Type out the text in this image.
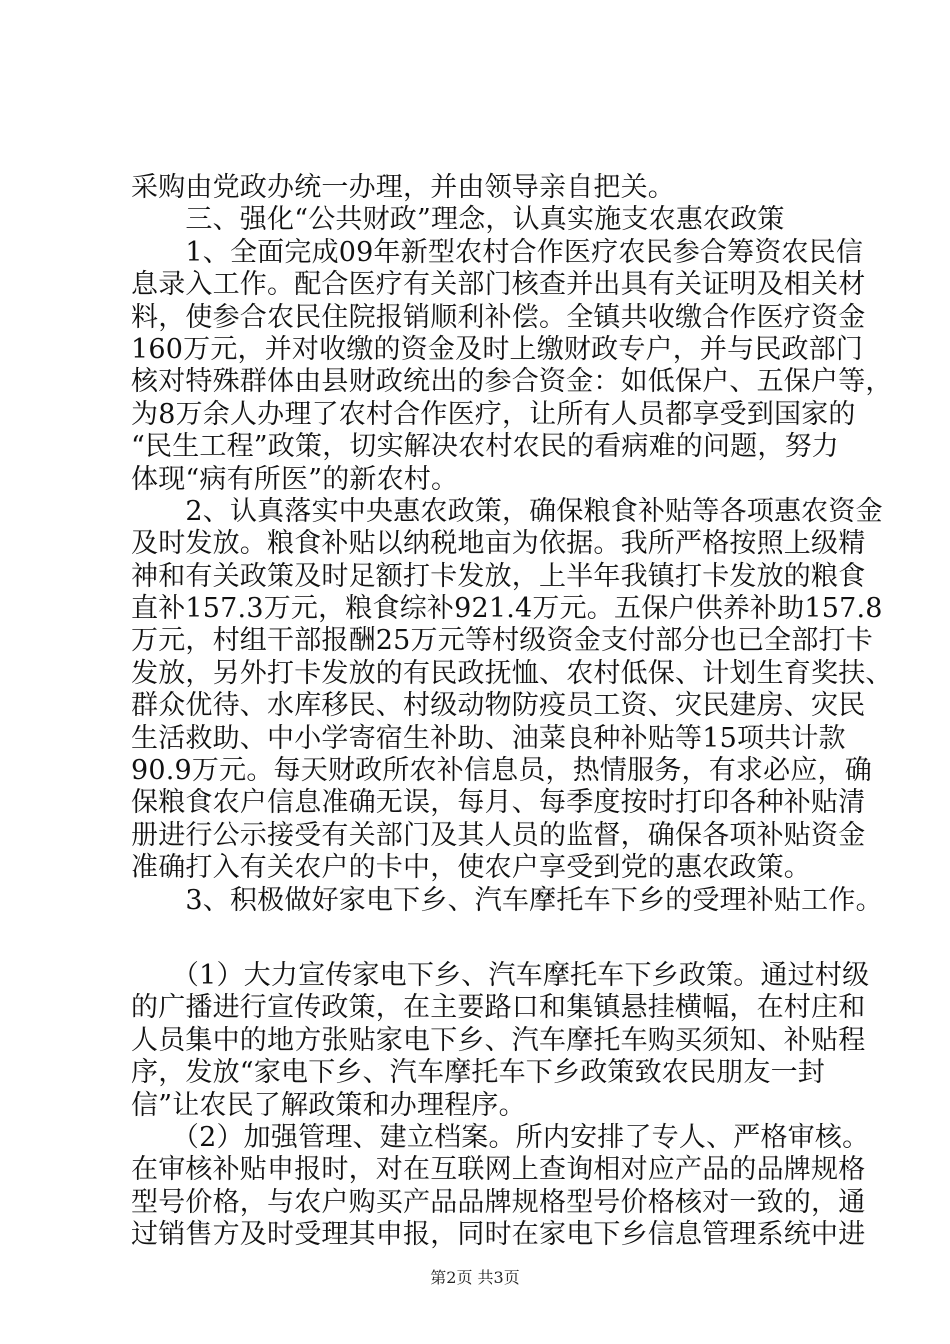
采购由党政办统一办理，并由领导亲自把关。
　　三、强化“公共财政”理念，认真实施支农惠农政策
　　1、全面完成09年新型农村合作医疗农民参合筹资农民信
息录入工作。配合医疗有关部门核查并出具有关证明及相关材
料，使参合农民住院报销顺利补偿。全镇共收缴合作医疗资金
160万元，并对收缴的资金及时上缴财政专户，并与民政部门
核对特殊群体由县财政统出的参合资金：如低保户、五保户等，
为8万余人办理了农村合作医疗，让所有人员都享受到国家的
“民生工程”政策，切实解决农村农民的看病难的问题，努力
体现“病有所医”的新农村。
　　2、认真落实中央惠农政策，确保粮食补贴等各项惠农资金
及时发放。粮食补贴以纳税地亩为依据。我所严格按照上级精
神和有关政策及时足额打卡发放，上半年我镇打卡发放的粮食
直补157.3万元，粮食综补921.4万元。五保户供养补助157.8
万元，村组干部报酬25万元等村级资金支付部分也已全部打卡
发放，另外打卡发放的有民政抚恤、农村低保、计划生育奖扶、
群众优待、水库移民、村级动物防疫员工资、灾民建房、灾民
生活救助、中小学寄宿生补助、油菜良种补贴等15项共计款
90.9万元。每天财政所农补信息员，热情服务，有求必应，确
保粮食农户信息准确无误，每月、每季度按时打印各种补贴清
册进行公示接受有关部门及其人员的监督，确保各项补贴资金
准确打入有关农户的卡中，使农户享受到党的惠农政策。
　　3、积极做好家电下乡、汽车摩托车下乡的受理补贴工作。
　　（1）大力宣传家电下乡、汽车摩托车下乡政策。通过村级
的广播进行宣传政策，在主要路口和集镇悬挂横幅，在村庄和
人员集中的地方张贴家电下乡、汽车摩托车购买须知、补贴程
序，发放“家电下乡、汽车摩托车下乡政策致农民朋友一封
信”让农民了解政策和办理程序。
　　（2）加强管理、建立档案。所内安排了专人、严格审核。
在审核补贴申报时，对在互联网上查询相对应产品的品牌规格
型号价格，与农户购买产品品牌规格型号价格核对一致的，通
过销售方及时受理其申报，同时在家电下乡信息管理系统中进
第2页 共3页
